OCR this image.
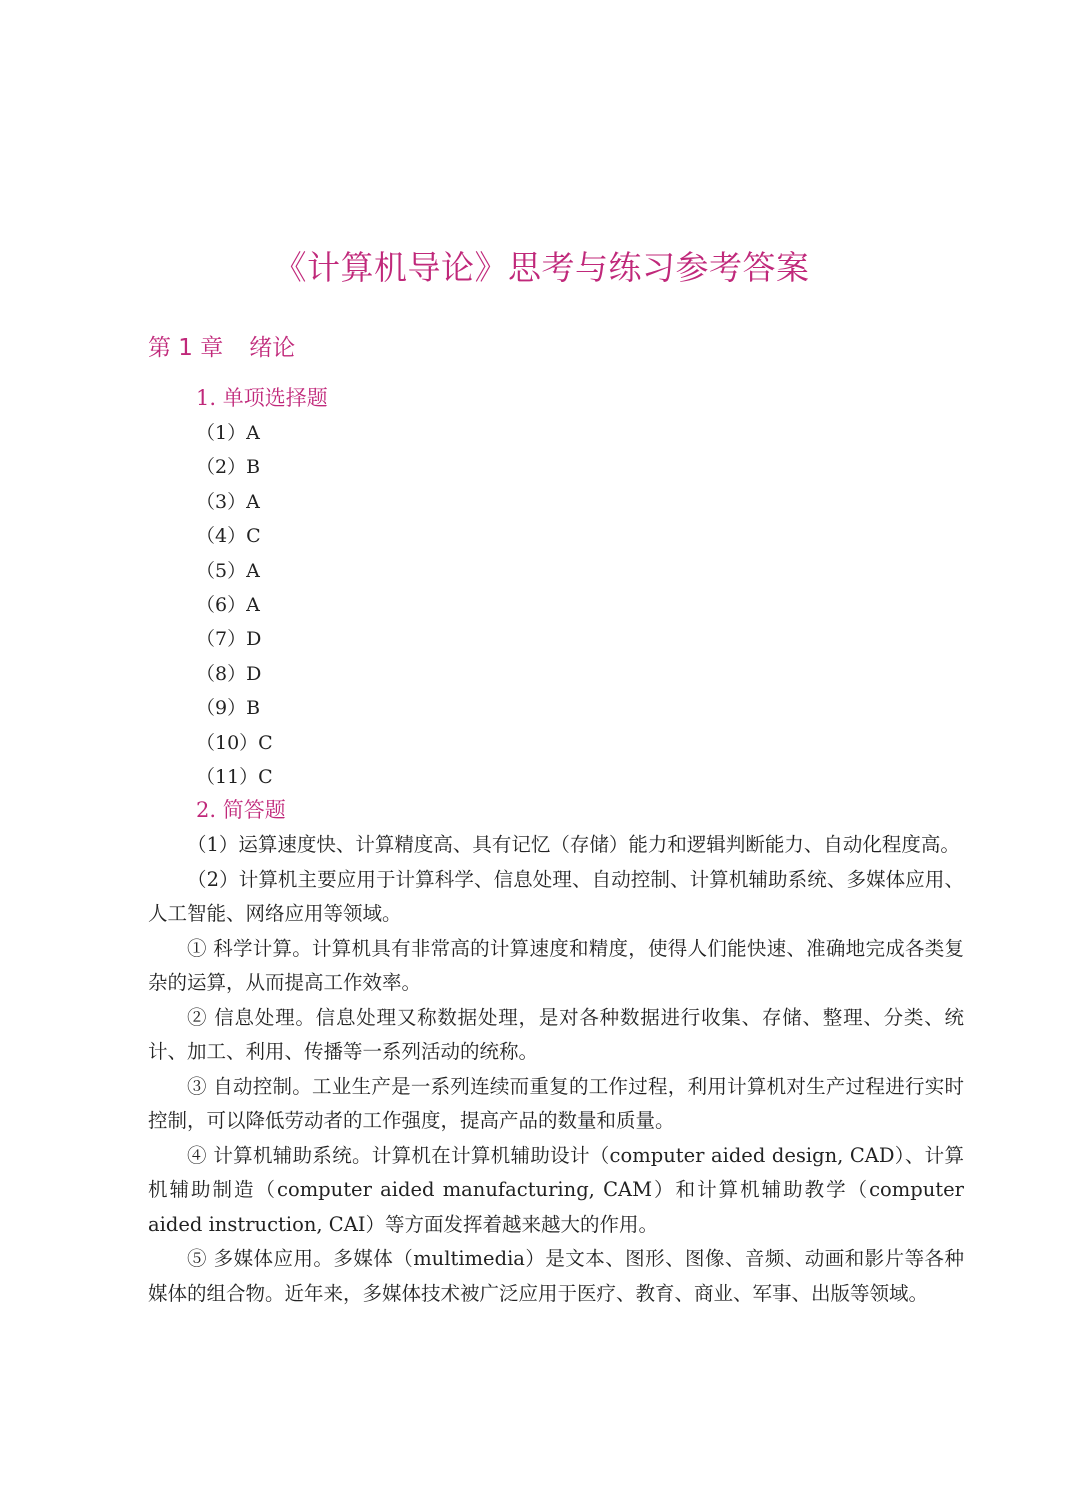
《计算机导论》思考与练习参考答案
第 1 章 绪论
1. 单项选择题
（1）A
（2）B
（3）A
（4）C
（5）A
（6）A
（7）D
（8）D
（9）B
（10）C
（11）C
2. 简答题

（1）运算速度快、计算精度高、具有记忆（存储）能力和逻辑判断能力、自动化程度高。

（2）计算机主要应用于计算科学、信息处理、自动控制、计算机辅助系统、多媒体应用、人工智能、网络应用等领域。

① 科学计算。计算机具有非常高的计算速度和精度，使得人们能快速、准确地完成各类复杂的运算，从而提高工作效率。

② 信息处理。信息处理又称数据处理，是对各种数据进行收集、存储、整理、分类、统计、加工、利用、传播等一系列活动的统称。

③ 自动控制。工业生产是一系列连续而重复的工作过程，利用计算机对生产过程进行实时控制，可以降低劳动者的工作强度，提高产品的数量和质量。

④ 计算机辅助系统。计算机在计算机辅助设计（computer aided design, CAD）、计算机辅助制造（computer aided manufacturing, CAM）和计算机辅助教学（computer aided instruction, CAI）等方面发挥着越来越大的作用。

⑤ 多媒体应用。多媒体（multimedia）是文本、图形、图像、音频、动画和影片等各种媒体的组合物。近年来，多媒体技术被广泛应用于医疗、教育、商业、军事、出版等领域。
